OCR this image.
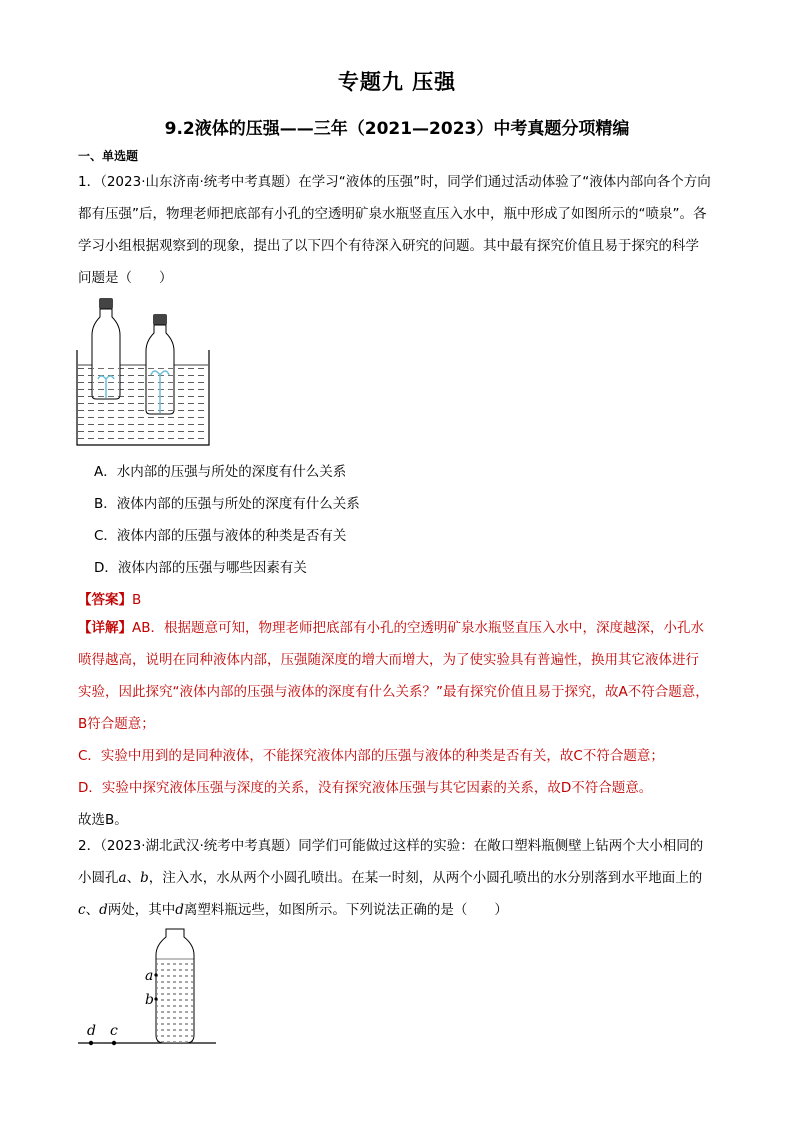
专题九 压强
9.2液体的压强——三年（2021—2023）中考真题分项精编
一、单选题
1．（2023·山东济南·统考中考真题）在学习“液体的压强”时，同学们通过活动体验了“液体内部向各个方向
都有压强”后，物理老师把底部有小孔的空透明矿泉水瓶竖直压入水中，瓶中形成了如图所示的“喷泉”。各
学习小组根据观察到的现象，提出了以下四个有待深入研究的问题。其中最有探究价值且易于探究的科学
问题是（　　）
A．水内部的压强与所处的深度有什么关系
B．液体内部的压强与所处的深度有什么关系
C．液体内部的压强与液体的种类是否有关
D．液体内部的压强与哪些因素有关
【答案】B
【详解】AB．根据题意可知，物理老师把底部有小孔的空透明矿泉水瓶竖直压入水中，深度越深，小孔水
喷得越高，说明在同种液体内部，压强随深度的增大而增大，为了使实验具有普遍性，换用其它液体进行
实验，因此探究“液体内部的压强与液体的深度有什么关系？”最有探究价值且易于探究，故A不符合题意，
B符合题意；
C．实验中用到的是同种液体，不能探究液体内部的压强与液体的种类是否有关，故C不符合题意；
D．实验中探究液体压强与深度的关系，没有探究液体压强与其它因素的关系，故D不符合题意。
故选B。
2．（2023·湖北武汉·统考中考真题）同学们可能做过这样的实验：在敞口塑料瓶侧壁上钻两个大小相同的
小圆孔a、b，注入水，水从两个小圆孔喷出。在某一时刻，从两个小圆孔喷出的水分别落到水平地面上的
c、d两处，其中d离塑料瓶远些，如图所示。下列说法正确的是（　　）
a
b
d c
